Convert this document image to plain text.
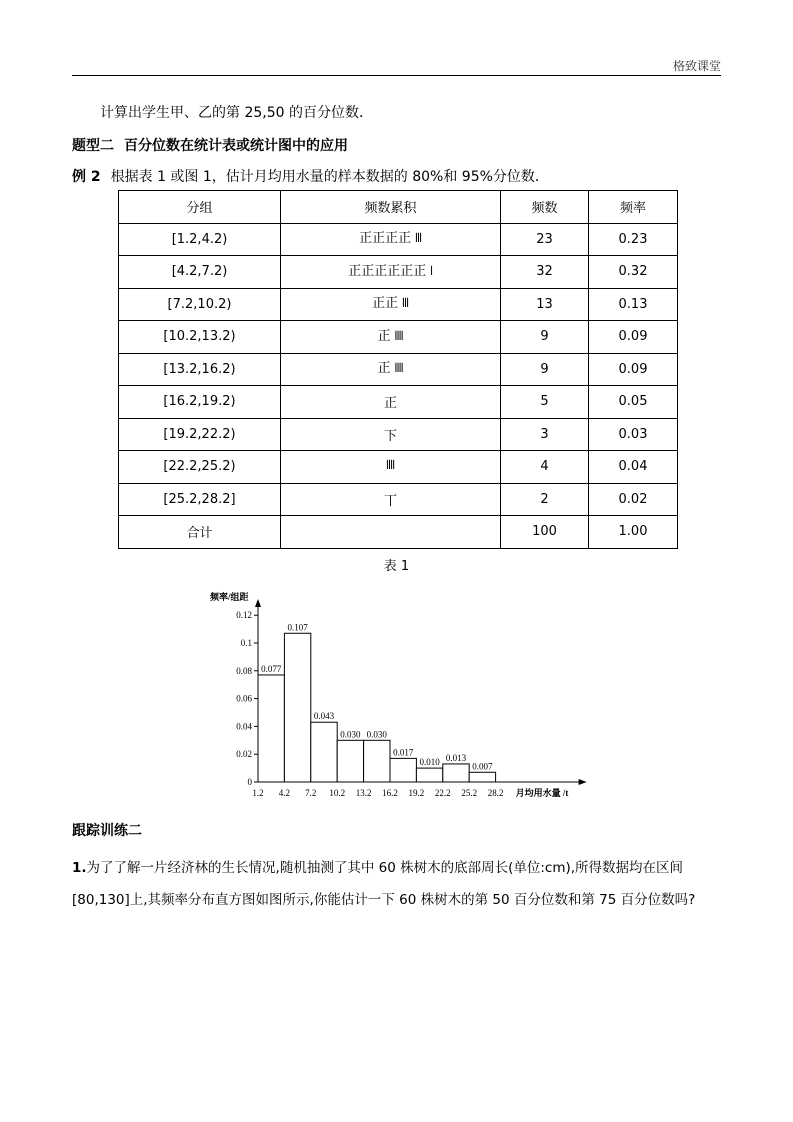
格致课堂
计算出学生甲、乙的第 25,50 的百分位数．
题型二 百分位数在统计表或统计图中的应用
例 2 根据表 1 或图 1，估计月均用水量的样本数据的 80%和 95%分位数．
分组	频数累积	频数	频率
[1.2,4.2)	正正正正 𝍫	23	0.23
[4.2,7.2)	正正正正正正 𝍩	32	0.32
[7.2,10.2)	正正 𝍫	13	0.13
[10.2,13.2)	正 𝍬	9	0.09
[13.2,16.2)	正 𝍬	9	0.09
[16.2,19.2)	正	5	0.05
[19.2,22.2)	下	3	0.03
[22.2,25.2)	𝍬	4	0.04
[25.2,28.2]	丅	2	0.02
合计		100	1.00
表 1
0
0.02
0.04
0.06
0.08
0.1
0.12
频率/组距
1.2 4.2 7.2 10.2 13.2 16.2 19.2 22.2 25.2 28.2 月均用水量 /t
0.077
0.107
0.043
0.030 0.030
0.017
0.010 0.013
0.007
跟踪训练二
1.为了了解一片经济林的生长情况,随机抽测了其中 60 株树木的底部周长(单位:cm),所得数据均在区间[80,130]上,其频率分布直方图如图所示,你能估计一下 60 株树木的第 50 百分位数和第 75 百分位数吗?
